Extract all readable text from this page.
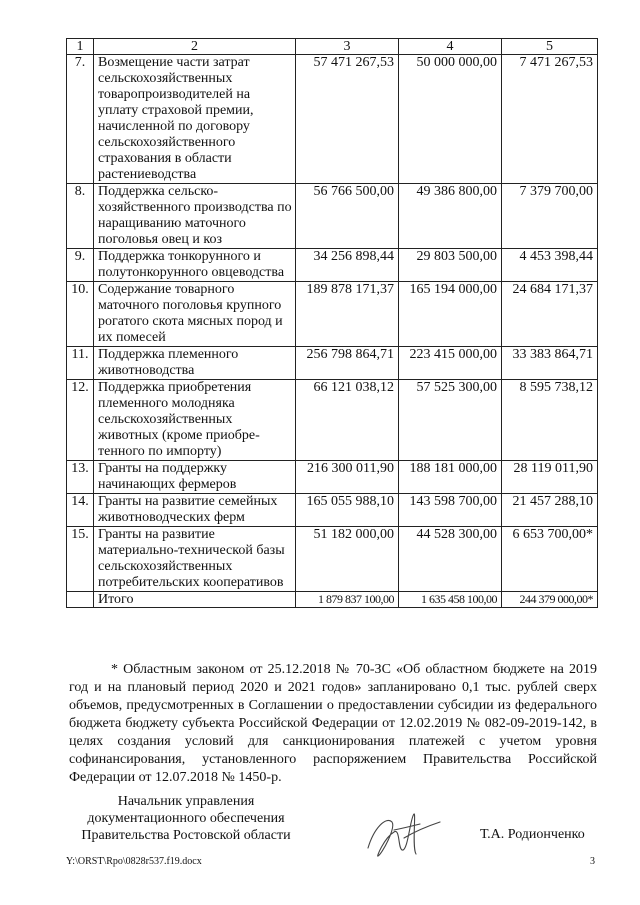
1	2	3	4	5
7.	Возмещение части затрат сельскохозяйственных товаропроизводителей на уплату страховой премии, начисленной по договору сельскохозяйственного страхования в области растениеводства	57 471 267,53	50 000 000,00	7 471 267,53
8.	Поддержка сельско-хозяйственного производства по наращиванию маточного поголовья овец и коз	56 766 500,00	49 386 800,00	7 379 700,00
9.	Поддержка тонкорунного и полутонкорунного овцеводства	34 256 898,44	29 803 500,00	4 453 398,44
10.	Содержание товарного маточного поголовья крупного рогатого скота мясных пород и их помесей	189 878 171,37	165 194 000,00	24 684 171,37
11.	Поддержка племенного животноводства	256 798 864,71	223 415 000,00	33 383 864,71
12.	Поддержка приобретения племенного молодняка сельскохозяйственных животных (кроме приобре-тенного по импорту)	66 121 038,12	57 525 300,00	8 595 738,12
13.	Гранты на поддержку начинающих фермеров	216 300 011,90	188 181 000,00	28 119 011,90
14.	Гранты на развитие семейных животноводческих ферм	165 055 988,10	143 598 700,00	21 457 288,10
15.	Гранты на развитие материально-технической базы сельскохозяйственных потребительских кооперативов	51 182 000,00	44 528 300,00	6 653 700,00*
	Итого	1 879 837 100,00	1 635 458 100,00	244 379 000,00*

* Областным законом от 25.12.2018 № 70-ЗС «Об областном бюджете на 2019 год и на плановый период 2020 и 2021 годов» запланировано 0,1 тыс. рублей сверх объемов, предусмотренных в Соглашении о предоставлении субсидии из федерального бюджета бюджету субъекта Российской Федерации от 12.02.2019 № 082-09-2019-142, в целях создания условий для санкционирования платежей с учетом уровня софинансирования, установленного распоряжением Правительства Российской Федерации от 12.07.2018 № 1450-р.

Начальник управления
документационного обеспечения
Правительства Ростовской области	Т.А. Родионченко
Y:\ORST\Rpo\0828r537.f19.docx	3
